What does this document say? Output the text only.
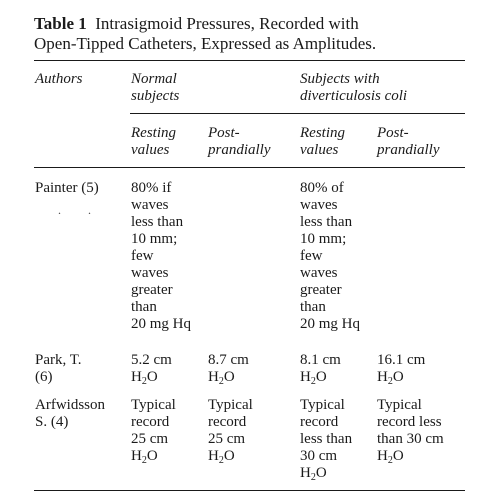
Table 1 Intrasigmoid Pressures, Recorded with
Open-Tipped Catheters, Expressed as Amplitudes.
Authors	Normal
subjects
Subjects with
diverticulosis coli
Resting
values
Post-
prandially
Resting
values
Post-
prandially
Painter (5)
. .
80% if
waves
less than
10 mm;
few
waves
greater
than
20 mg Hq
80% of
waves
less than
10 mm;
few
waves
greater
than
20 mg Hq
Park, T.
(6)
5.2 cm
$H_2O$
8.7 cm
$H_2O$
8.1 cm
$H_2O$
16.1 cm
$H_2O$
Arfwidsson
S. (4)
Typical
record
25 cm
$H_2O$
Typical
record
25 cm
$H_2O$
Typical
record
less than
30 cm
$H_2O$
Typical
record less
than 30 cm
$H_2O$
